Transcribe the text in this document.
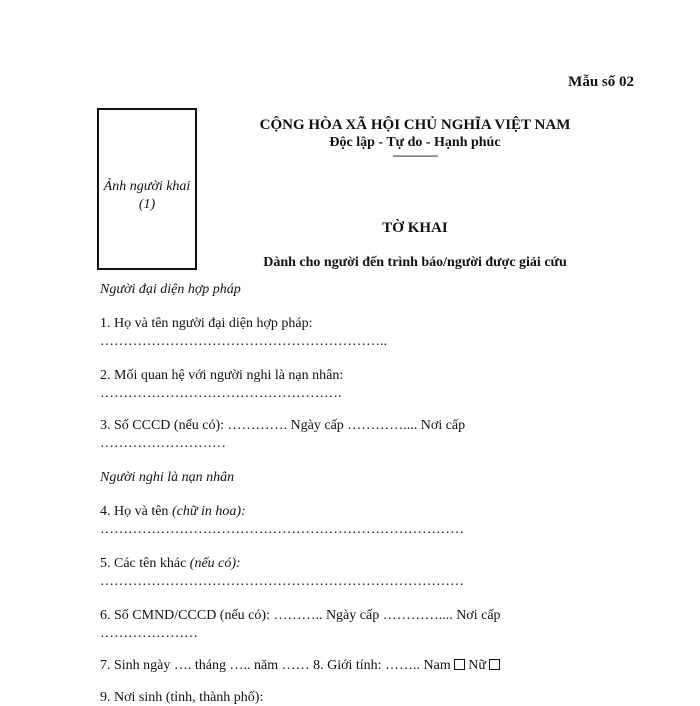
Mẫu số 02
Ảnh người khai
(1)
CỘNG HÒA XÃ HỘI CHỦ NGHĨA VIỆT NAM
Độc lập - Tự do - Hạnh phúc
---------------
TỜ KHAI
Dành cho người đến trình báo/người được giải cứu
Người đại diện hợp pháp
1. Họ và tên người đại diện hợp pháp:
……………………………………………………..
2. Mối quan hệ với người nghi là nạn nhân:
…………………………………………….
3. Số CCCD (nếu có): …………. Ngày cấp ………….... Nơi cấp
………………………
Người nghi là nạn nhân
4. Họ và tên (chữ in hoa):
……………………………………………………………………
5. Các tên khác (nếu có):
……………………………………………………………………
6. Số CMND/CCCD (nếu có): ……….. Ngày cấp ………….... Nơi cấp
…………………
7. Sinh ngày …. tháng ….. năm …… 8. Giới tính: …….. Nam Nữ
9. Nơi sinh (tỉnh, thành phố):
